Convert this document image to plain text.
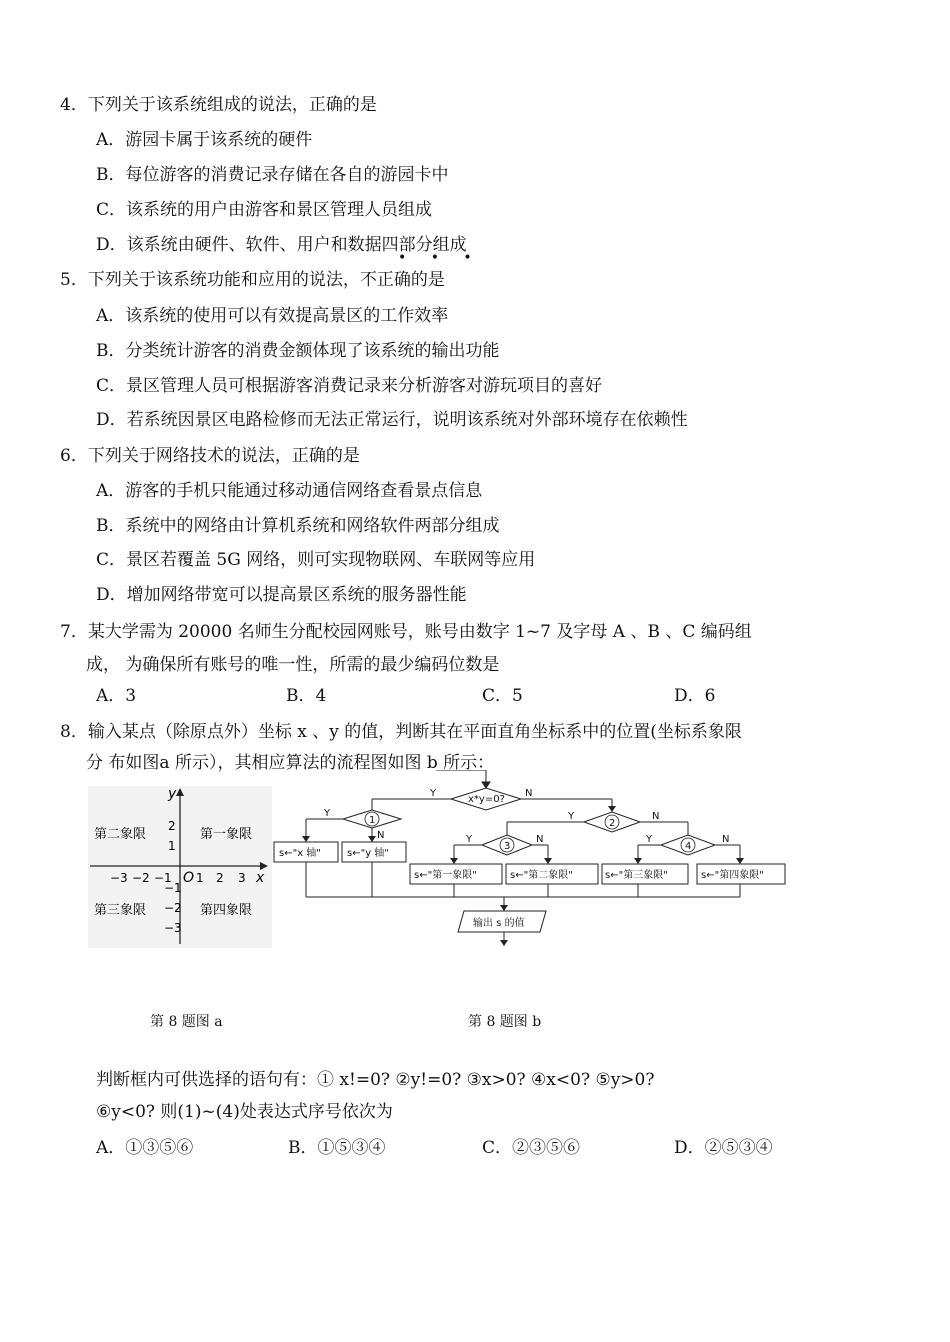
4．下列关于该系统组成的说法，正确的是
A．游园卡属于该系统的硬件
B．每位游客的消费记录存储在各自的游园卡中
C．该系统的用户由游客和景区管理人员组成
D．该系统由硬件、软件、用户和数据四部分组成
• • •
5．下列关于该系统功能和应用的说法，不正确的是
A．该系统的使用可以有效提高景区的工作效率
B．分类统计游客的消费金额体现了该系统的输出功能
C．景区管理人员可根据游客消费记录来分析游客对游玩项目的喜好
D．若系统因景区电路检修而无法正常运行，说明该系统对外部环境存在依赖性
6．下列关于网络技术的说法，正确的是
A．游客的手机只能通过移动通信网络查看景点信息
B．系统中的网络由计算机系统和网络软件两部分组成
C．景区若覆盖 5G 网络，则可实现物联网、车联网等应用
D．增加网络带宽可以提高景区系统的服务器性能
7．某大学需为 20000 名师生分配校园网账号，账号由数字 1~7 及字母 A 、B 、C 编码组
成， 为确保所有账号的唯一性，所需的最少编码位数是
A．3	B．4	C．5	D．6
8．输入某点（除原点外）坐标 x 、y 的值，判断其在平面直角坐标系中的位置(坐标系象限
分 布如图a 所示），其相应算法的流程图如图 b 所示：
y
x
O
第二象限	第一象限
第三象限	第四象限
−3 −2 −1 1 2 3
2
1
−1
−2
−3
x*y=0?
Y	N
1
Y
N
2
Y	N
3
Y	N
4
Y	N
s←"x 轴"	s←"y 轴"
s←"第一象限"	s←"第二象限"	s←"第三象限"	s←"第四象限"
输出 s 的值
第 8 题图 a	第 8 题图 b
判断框内可供选择的语句有：① x!=0? ②y!=0? ③x>0? ④x<0? ⑤y>0?
⑥y<0? 则(1)~(4)处表达式序号依次为
A．①③⑤⑥	B．①⑤③④	C．②③⑤⑥	D．②⑤③④
